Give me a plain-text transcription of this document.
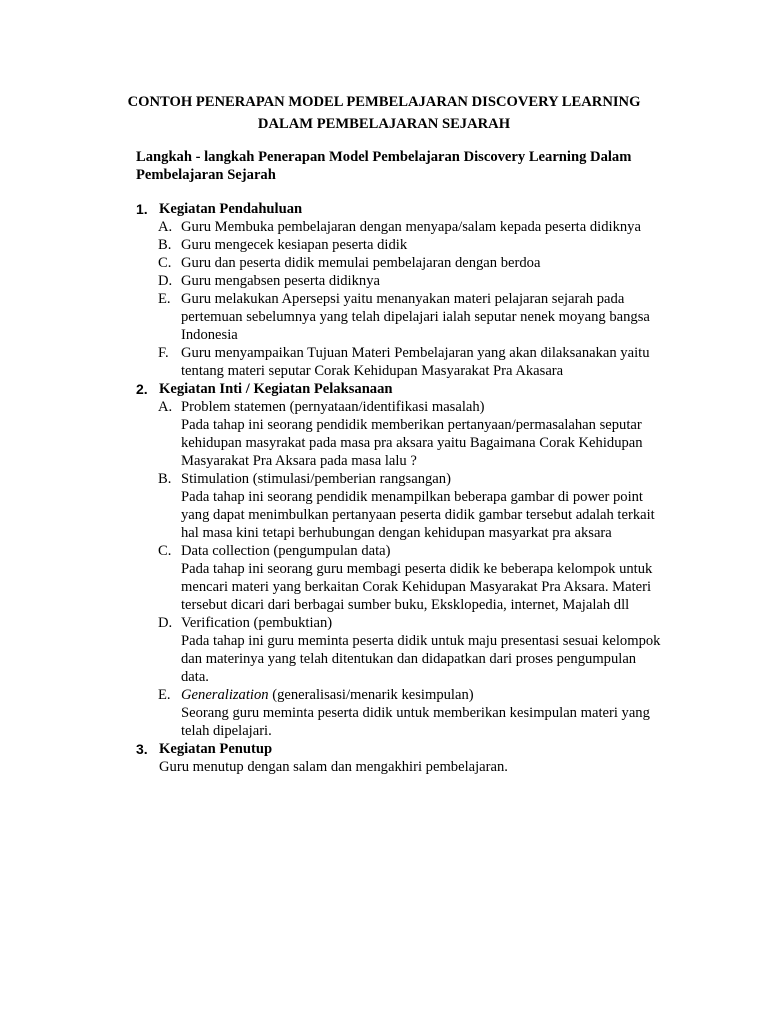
CONTOH PENERAPAN MODEL PEMBELAJARAN DISCOVERY LEARNING
DALAM PEMBELAJARAN SEJARAH
Langkah - langkah Penerapan Model Pembelajaran Discovery Learning Dalam
Pembelajaran Sejarah
1. Kegiatan Pendahuluan
A. Guru Membuka pembelajaran dengan menyapa/salam kepada peserta didiknya
B. Guru mengecek kesiapan peserta didik
C. Guru dan peserta didik memulai pembelajaran dengan berdoa
D. Guru mengabsen peserta didiknya
E. Guru melakukan Apersepsi yaitu menanyakan materi pelajaran sejarah pada
pertemuan sebelumnya yang telah dipelajari ialah seputar nenek moyang bangsa
Indonesia
F. Guru menyampaikan Tujuan Materi Pembelajaran yang akan dilaksanakan yaitu
tentang materi seputar Corak Kehidupan Masyarakat Pra Akasara
2. Kegiatan Inti / Kegiatan Pelaksanaan
A. Problem statemen (pernyataan/identifikasi masalah)
Pada tahap ini seorang pendidik memberikan pertanyaan/permasalahan seputar
kehidupan masyrakat pada masa pra aksara yaitu Bagaimana Corak Kehidupan
Masyarakat Pra Aksara pada masa lalu ?
B. Stimulation (stimulasi/pemberian rangsangan)
Pada tahap ini seorang pendidik menampilkan beberapa gambar di power point
yang dapat menimbulkan pertanyaan peserta didik gambar tersebut adalah terkait
hal masa kini tetapi berhubungan dengan kehidupan masyarkat pra aksara
C. Data collection (pengumpulan data)
Pada tahap ini seorang guru membagi peserta didik ke beberapa kelompok untuk
mencari materi yang berkaitan Corak Kehidupan Masyarakat Pra Aksara. Materi
tersebut dicari dari berbagai sumber buku, Eksklopedia, internet, Majalah dll
D. Verification (pembuktian)
Pada tahap ini guru meminta peserta didik untuk maju presentasi sesuai kelompok
dan materinya yang telah ditentukan dan didapatkan dari proses pengumpulan
data.
E. Generalization (generalisasi/menarik kesimpulan)
Seorang guru meminta peserta didik untuk memberikan kesimpulan materi yang
telah dipelajari.
3. Kegiatan Penutup
Guru menutup dengan salam dan mengakhiri pembelajaran.
